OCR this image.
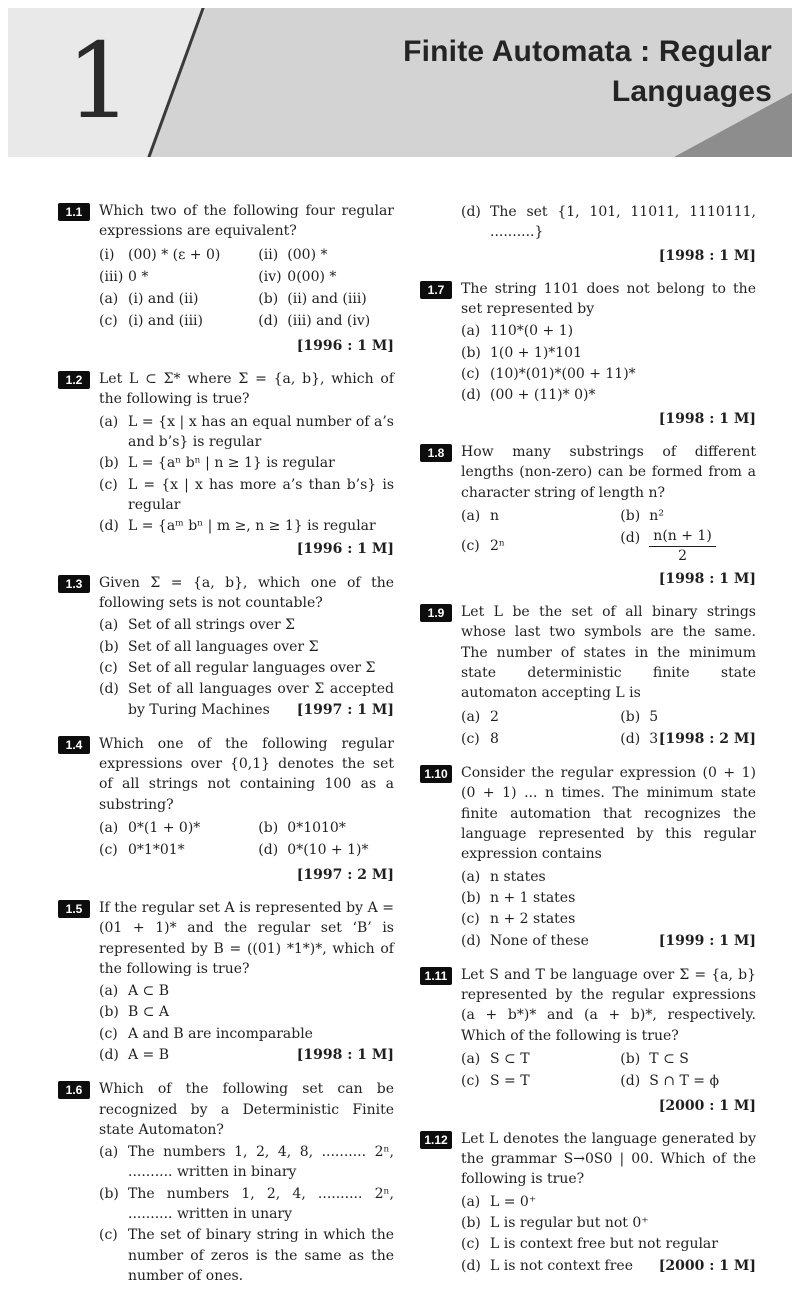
1	Finite Automata : Regular
Languages
1.1	Which two of the following four regular expressions are equivalent?
(i) (00) * (ε + 0)	(ii) (00) *
(iii) 0 *	(iv) 0(00) *
(a) (i) and (ii)	(b) (ii) and (iii)
(c) (i) and (iii)	(d) (iii) and (iv)
[1996 : 1 M]
1.2	Let L ⊂ Σ* where Σ = {a, b}, which of the following is true?
(a) L = {x | x has an equal number of a’s and b’s} is regular
(b) L = {aⁿ bⁿ | n ≥ 1} is regular
(c) L = {x | x has more a’s than b’s} is regular
(d) L = {aᵐ bⁿ | m ≥, n ≥ 1} is regular
[1996 : 1 M]
1.3	Given Σ = {a, b}, which one of the following sets is not countable?
(a) Set of all strings over Σ
(b) Set of all languages over Σ
(c) Set of all regular languages over Σ
(d) Set of all languages over Σ accepted by Turing Machines	[1997 : 1 M]
1.4	Which one of the following regular expressions over {0,1} denotes the set of all strings not containing 100 as a substring?
(a) 0*(1 + 0)*	(b) 0*1010*
(c) 0*1*01*	(d) 0*(10 + 1)*
[1997 : 2 M]
1.5	If the regular set A is represented by A = (01 + 1)* and the regular set ‘B’ is represented by B = ((01) *1*)*, which of the following is true?
(a) A ⊂ B
(b) B ⊂ A
(c) A and B are incomparable
(d) A = B	[1998 : 1 M]
1.6	Which of the following set can be recognized by a Deterministic Finite state Automaton?
(a) The numbers 1, 2, 4, 8, .......... 2ⁿ, .......... written in binary
(b) The numbers 1, 2, 4, .......... 2ⁿ, .......... written in unary
(c) The set of binary string in which the number of zeros is the same as the number of ones.
(d) The set {1, 101, 11011, 1110111, ..........}
[1998 : 1 M]
1.7	The string 1101 does not belong to the set represented by
(a) 110*(0 + 1)
(b) 1(0 + 1)*101
(c) (10)*(01)*(00 + 11)*
(d) (00 + (11)* 0)*
[1998 : 1 M]
1.8	How many substrings of different lengths (non-zero) can be formed from a character string of length n?
(a) n	(b) n²
(c) 2ⁿ
$(d) \frac{n(n + 1)}{2}$
[1998 : 1 M]
1.9	Let L be the set of all binary strings whose last two symbols are the same. The number of states in the minimum state deterministic finite state automaton accepting L is
(a) 2	(b) 5
(c) 8	(d) 3 [1998 : 2 M]
1.10 Consider the regular expression (0 + 1) (0 + 1) ... n times. The minimum state finite automation that recognizes the language represented by this regular expression contains
(a) n states
(b) n + 1 states
(c) n + 2 states
(d) None of these	[1999 : 1 M]
1.11 Let S and T be language over Σ = {a, b} represented by the regular expressions (a + b*)* and (a + b)*, respectively. Which of the following is true?
(a) S ⊂ T	(b) T ⊂ S
(c) S = T	(d) S ∩ T = ϕ
[2000 : 1 M]
1.12 Let L denotes the language generated by the grammar S→0S0 | 00. Which of the following is true?
(a) L = 0⁺
(b) L is regular but not 0⁺
(c) L is context free but not regular
(d) L is not context free	[2000 : 1 M]
